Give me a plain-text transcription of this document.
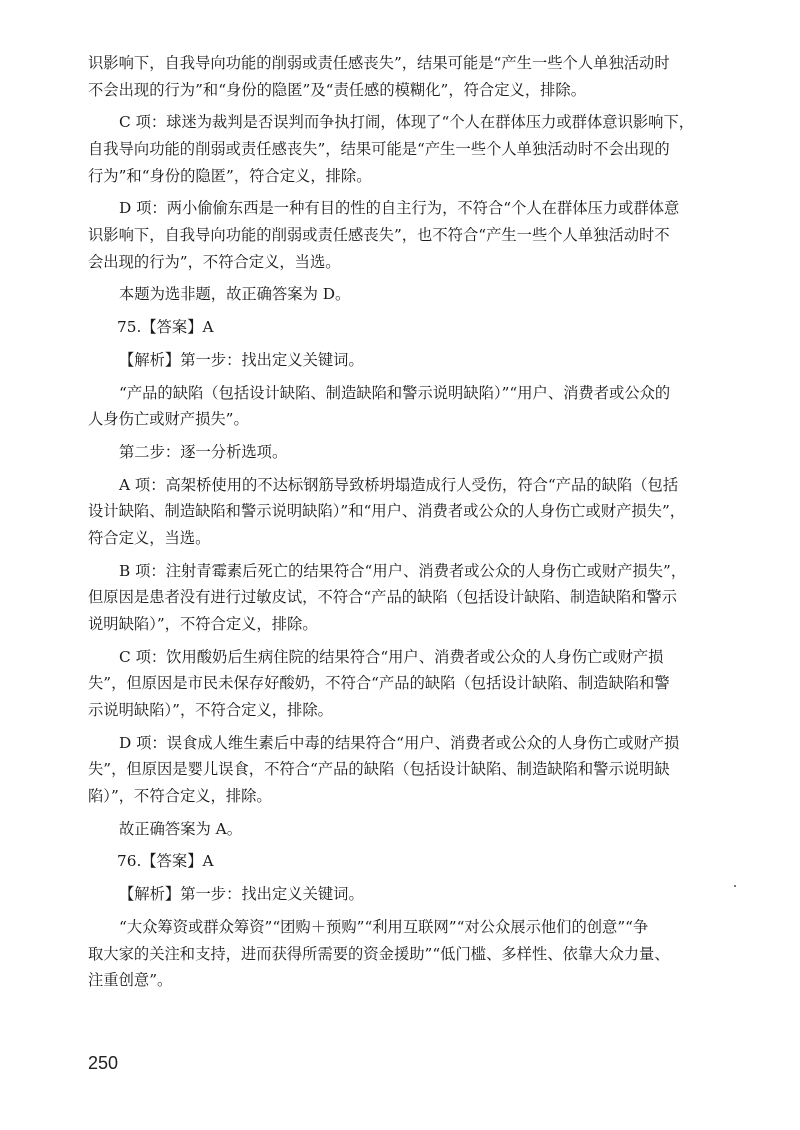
识影响下，自我导向功能的削弱或责任感丧失”，结果可能是“产生一些个人单独活动时
不会出现的行为”和“身份的隐匿”及“责任感的模糊化”，符合定义，排除。
C 项：球迷为裁判是否误判而争执打闹，体现了“个人在群体压力或群体意识影响下，
自我导向功能的削弱或责任感丧失”，结果可能是“产生一些个人单独活动时不会出现的
行为”和“身份的隐匿”，符合定义，排除。
D 项：两小偷偷东西是一种有目的性的自主行为，不符合“个人在群体压力或群体意
识影响下，自我导向功能的削弱或责任感丧失”，也不符合“产生一些个人单独活动时不
会出现的行为”，不符合定义，当选。
本题为选非题，故正确答案为 D。
75.【答案】A
【解析】第一步：找出定义关键词。
“产品的缺陷（包括设计缺陷、制造缺陷和警示说明缺陷）”“用户、消费者或公众的
人身伤亡或财产损失”。
第二步：逐一分析选项。
A 项：高架桥使用的不达标钢筋导致桥坍塌造成行人受伤，符合“产品的缺陷（包括
设计缺陷、制造缺陷和警示说明缺陷）”和“用户、消费者或公众的人身伤亡或财产损失”，
符合定义，当选。
B 项：注射青霉素后死亡的结果符合“用户、消费者或公众的人身伤亡或财产损失”，
但原因是患者没有进行过敏皮试，不符合“产品的缺陷（包括设计缺陷、制造缺陷和警示
说明缺陷）”，不符合定义，排除。
C 项：饮用酸奶后生病住院的结果符合“用户、消费者或公众的人身伤亡或财产损
失”，但原因是市民未保存好酸奶，不符合“产品的缺陷（包括设计缺陷、制造缺陷和警
示说明缺陷）”，不符合定义，排除。
D 项：误食成人维生素后中毒的结果符合“用户、消费者或公众的人身伤亡或财产损
失”，但原因是婴儿误食，不符合“产品的缺陷（包括设计缺陷、制造缺陷和警示说明缺
陷）”，不符合定义，排除。
故正确答案为 A。
76.【答案】A
【解析】第一步：找出定义关键词。
“大众筹资或群众筹资”“团购＋预购”“利用互联网”“对公众展示他们的创意”“争
取大家的关注和支持，进而获得所需要的资金援助”“低门槛、多样性、依靠大众力量、
注重创意”。
250
